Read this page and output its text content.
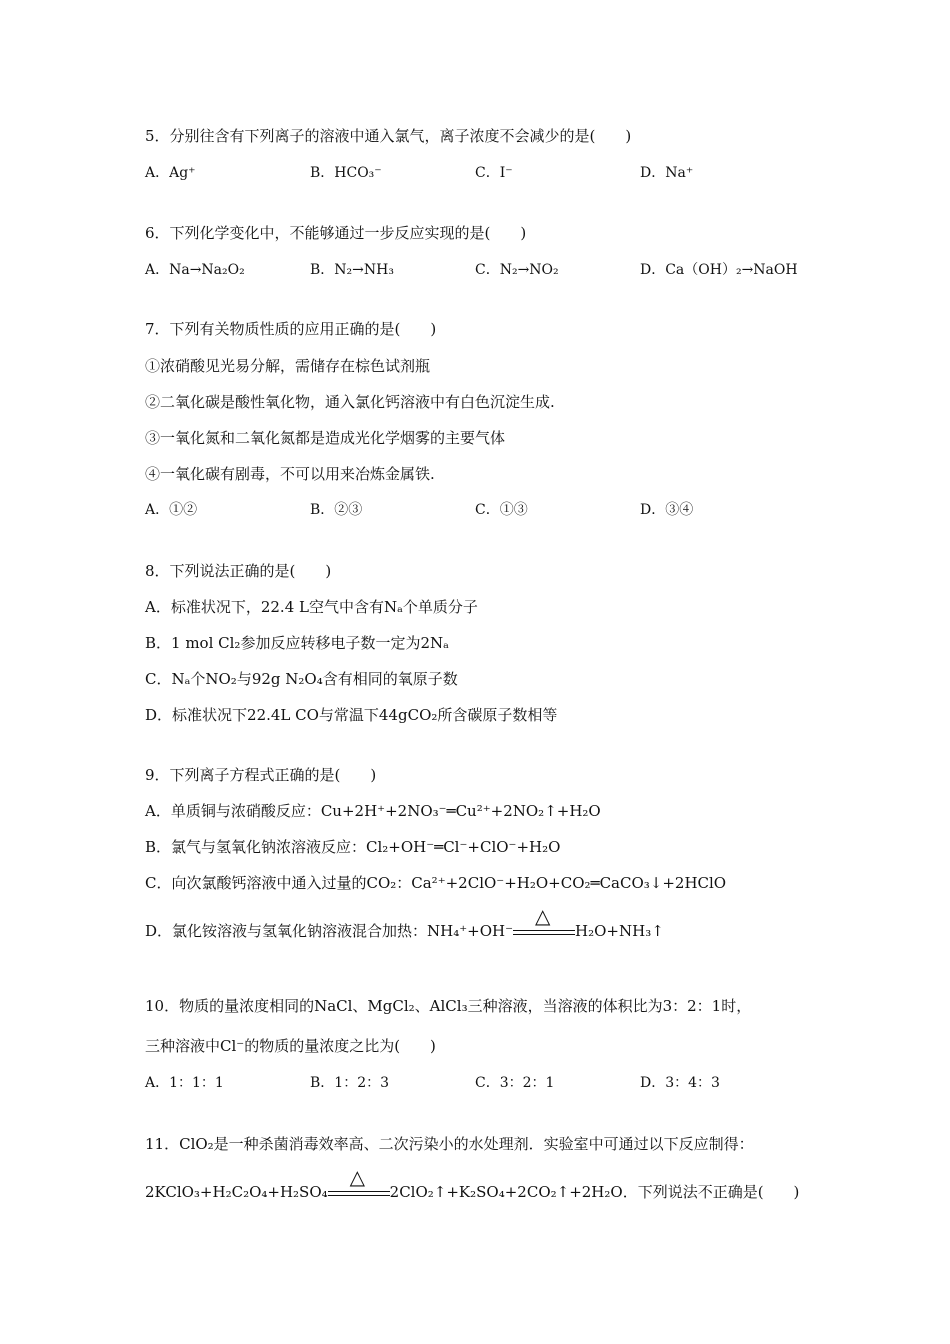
5．分别往含有下列离子的溶液中通入氯气，离子浓度不会减少的是(　　)
A．Ag⁺	B．HCO₃⁻	C．I⁻	D．Na⁺
6．下列化学变化中，不能够通过一步反应实现的是(　　)
A．Na→Na₂O₂	B．N₂→NH₃	C．N₂→NO₂	D．Ca（OH）₂→NaOH
7．下列有关物质性质的应用正确的是(　　)
①浓硝酸见光易分解，需储存在棕色试剂瓶
②二氧化碳是酸性氧化物，通入氯化钙溶液中有白色沉淀生成.
③一氧化氮和二氧化氮都是造成光化学烟雾的主要气体
④一氧化碳有剧毒，不可以用来冶炼金属铁.
A．①②	B．②③	C．①③	D．③④
8．下列说法正确的是(　　)
A．标准状况下，22.4 L空气中含有Nₐ个单质分子
B．1 mol Cl₂参加反应转移电子数一定为2Nₐ
C．Nₐ个NO₂与92g N₂O₄含有相同的氧原子数
D．标准状况下22.4L CO与常温下44gCO₂所含碳原子数相等
9．下列离子方程式正确的是(　　)
A．单质铜与浓硝酸反应：Cu+2H⁺+2NO₃⁻═Cu²⁺+2NO₂↑+H₂O
B．氯气与氢氧化钠浓溶液反应：Cl₂+OH⁻═Cl⁻+ClO⁻+H₂O
C．向次氯酸钙溶液中通入过量的CO₂：Ca²⁺+2ClO⁻+H₂O+CO₂═CaCO₃↓+2HClO
D．氯化铵溶液与氢氧化钠溶液混合加热：NH₄⁺+OH⁻
△
H₂O+NH₃↑
10．物质的量浓度相同的NaCl、MgCl₂、AlCl₃三种溶液，当溶液的体积比为3：2：1时，
三种溶液中Cl⁻的物质的量浓度之比为(　　)
A．1：1：1	B．1：2：3	C．3：2：1	D．3：4：3
11．ClO₂是一种杀菌消毒效率高、二次污染小的水处理剂．实验室中可通过以下反应制得：
2KClO₃+H₂C₂O₄+H₂SO₄
△
2ClO₂↑+K₂SO₄+2CO₂↑+2H₂O．下列说法不正确是(　　)
